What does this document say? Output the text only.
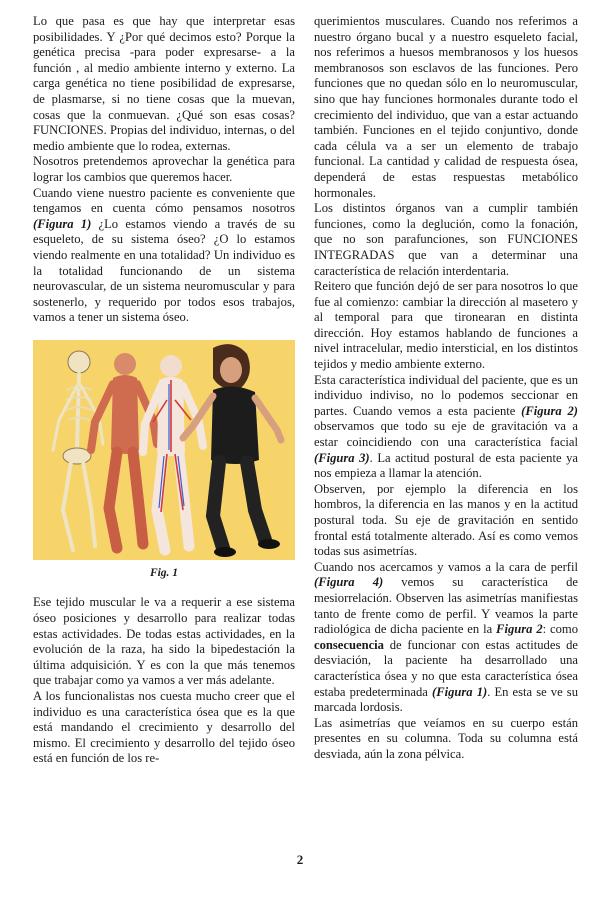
Lo que pasa es que hay que interpretar esas posibilidades. Y ¿Por qué decimos esto? Porque la genética precisa -para poder expresarse- a la función , al medio ambiente interno y externo. La carga genética no tiene posibilidad de expresarse, de plasmarse, si no tiene cosas que la muevan, cosas que la conmuevan. ¿Qué son esas cosas? FUNCIONES. Propias del individuo, internas, o del medio ambiente que lo rodea, externas.

Nosotros pretendemos aprovechar la genética para lograr los cambios que queremos hacer.

Cuando viene nuestro paciente es conveniente que tengamos en cuenta cómo pensamos nosotros (Figura 1) ¿Lo estamos viendo a través de su esqueleto, de su sistema óseo? ¿O lo estamos viendo realmente en una totalidad? Un individuo es la totalidad funcionando de un sistema neurovascular, de un sistema neuromuscular y para sostenerlo, y requerido por todos esos trabajos, vamos a tener un sistema óseo.

Fig. 1

Ese tejido muscular le va a requerir a ese sistema óseo posiciones y desarrollo para realizar todas estas actividades. De todas estas actividades, en la evolución de la raza, ha sido la bipedestación la última adquisición. Y es con la que más tenemos que trabajar como ya vamos a ver más adelante.

A los funcionalistas nos cuesta mucho creer que el individuo es una característica ósea que es la que está mandando el crecimiento y desarrollo del mismo. El crecimiento y desarrollo del tejido óseo está en función de los re-

querimientos musculares. Cuando nos referimos a nuestro órgano bucal y a nuestro esqueleto facial, nos referimos a huesos membranosos y los huesos membranosos son esclavos de las funciones. Pero funciones que no quedan sólo en lo neuromuscular, sino que hay funciones hormonales durante todo el crecimiento del individuo, que van a estar actuando también. Funciones en el tejido conjuntivo, donde cada célula va a ser un elemento de trabajo funcional. La cantidad y calidad de respuesta ósea, dependerá de estas respuestas metabólico hormonales.

Los distintos órganos van a cumplir también funciones, como la deglución, como la fonación, que no son parafunciones, son FUNCIONES INTEGRADAS que van a determinar una característica de relación interdentaria.

Reitero que función dejó de ser para nosotros lo que fue al comienzo: cambiar la dirección al masetero y al temporal para que tironearan en distinta dirección. Hoy estamos hablando de funciones a nivel intracelular, medio intersticial, en los distintos tejidos y medio ambiente externo.

Esta característica individual del paciente, que es un individuo indiviso, no lo podemos seccionar en partes. Cuando vemos a esta paciente (Figura 2) observamos que todo su eje de gravitación va a estar coincidiendo con una característica facial (Figura 3). La actitud postural de esta paciente ya nos empieza a llamar la atención.

Observen, por ejemplo la diferencia en los hombros, la diferencia en las manos y en la actitud postural toda. Su eje de gravitación en sentido frontal está totalmente alterado. Así es como vemos todas sus asimetrías.

Cuando nos acercamos y vamos a la cara de perfil (Figura 4) vemos su característica de mesiorrelación. Observen las asimetrías manifiestas tanto de frente como de perfil. Y veamos la parte radiológica de dicha paciente en la Figura 2: como consecuencia de funcionar con estas actitudes de desviación, la paciente ha desarrollado una característica ósea y no que esta característica ósea estaba predeterminada (Figura 1). En esta se ve su marcada lordosis.

Las asimetrías que veíamos en su cuerpo están presentes en su columna. Toda su columna está desviada, aún la zona pélvica.

2
